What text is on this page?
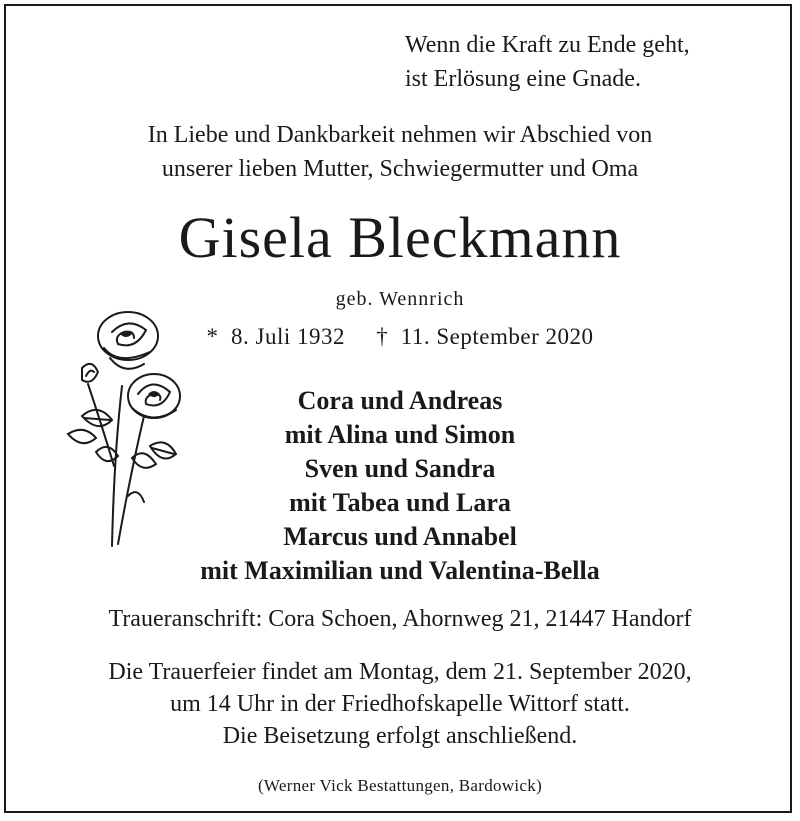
Wenn die Kraft zu Ende geht,
ist Erlösung eine Gnade.
In Liebe und Dankbarkeit nehmen wir Abschied von
unserer lieben Mutter, Schwiegermutter und Oma
Gisela Bleckmann
geb. Wennrich
*  8. Juli 1932     †  11. September 2020
Cora und Andreas
mit Alina und Simon
Sven und Sandra
mit Tabea und Lara
Marcus und Annabel
mit Maximilian und Valentina-Bella
Traueranschrift: Cora Schoen, Ahornweg 21, 21447 Handorf
Die Trauerfeier findet am Montag, dem 21. September 2020,
um 14 Uhr in der Friedhofskapelle Wittorf statt.
Die Beisetzung erfolgt anschließend.
(Werner Vick Bestattungen, Bardowick)
